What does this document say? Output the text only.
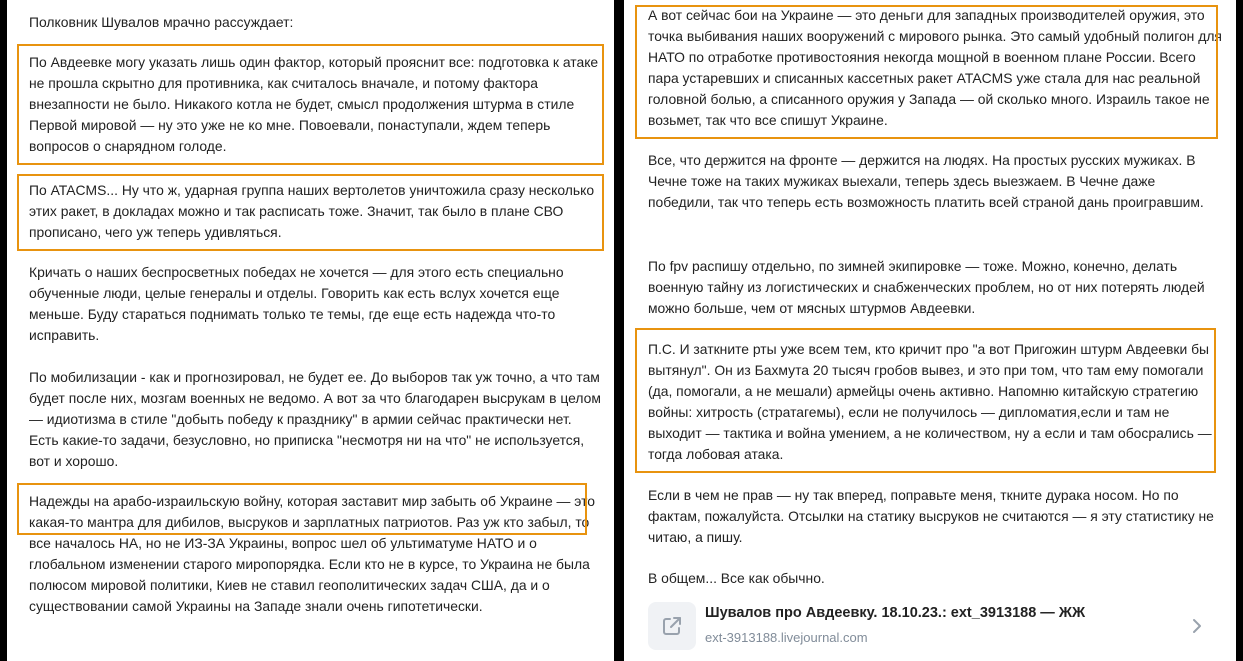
Полковник Шувалов мрачно рассуждает:

По Авдеевке могу указать лишь один фактор, который прояснит все: подготовка к атаке не прошла скрытно для противника, как считалось вначале, и потому фактора внезапности не было. Никакого котла не будет, смысл продолжения штурма в стиле Первой мировой — ну это уже не ко мне. Повоевали, понаступали, ждем теперь вопросов о снарядном голоде.

По ATACMS... Ну что ж, ударная группа наших вертолетов уничтожила сразу несколько этих ракет, в докладах можно и так расписать тоже. Значит, так было в плане СВО прописано, чего уж теперь удивляться.

Кричать о наших беспросветных победах не хочется — для этого есть специально обученные люди, целые генералы и отделы. Говорить как есть вслух хочется еще меньше. Буду стараться поднимать только те темы, где еще есть надежда что-то исправить.

По мобилизации - как и прогнозировал, не будет ее. До выборов так уж точно, а что там будет после них, мозгам военных не ведомо. А вот за что благодарен высрукам в целом — идиотизма в стиле "добыть победу к празднику" в армии сейчас практически нет. Есть какие-то задачи, безусловно, но приписка "несмотря ни на что" не используется, вот и хорошо.

Надежды на арабо-израильскую войну, которая заставит мир забыть об Украине — это какая-то мантра для дибилов, высруков и зарплатных патриотов. Раз уж кто забыл, то все началось НА, но не ИЗ-ЗА Украины, вопрос шел об ультиматуме НАТО и о глобальном изменении старого миропорядка. Если кто не в курсе, то Украина не была полюсом мировой политики, Киев не ставил геополитических задач США, да и о существовании самой Украины на Западе знали очень гипотетически.

А вот сейчас бои на Украине — это деньги для западных производителей оружия, это точка выбивания наших вооружений с мирового рынка. Это самый удобный полигон для НАТО по отработке противостояния некогда мощной в военном плане России. Всего пара устаревших и списанных кассетных ракет ATACMS уже стала для нас реальной головной болью, а списанного оружия у Запада — ой сколько много. Израиль такое не возьмет, так что все спишут Украине.

Все, что держится на фронте — держится на людях. На простых русских мужиках. В Чечне тоже на таких мужиках выехали, теперь здесь выезжаем. В Чечне даже победили, так что теперь есть возможность платить всей страной дань проигравшим.

По fpv распишу отдельно, по зимней экипировке — тоже. Можно, конечно, делать военную тайну из логистических и снабженческих проблем, но от них потерять людей можно больше, чем от мясных штурмов Авдеевки.

П.С. И заткните рты уже всем тем, кто кричит про "а вот Пригожин штурм Авдеевки бы вытянул". Он из Бахмута 20 тысяч гробов вывез, и это при том, что там ему помогали (да, помогали, а не мешали) армейцы очень активно. Напомню китайскую стратегию войны: хитрость (стратагемы), если не получилось — дипломатия,если и там не выходит — тактика и война умением, а не количеством, ну а если и там обосрались — тогда лобовая атака.

Если в чем не прав — ну так вперед, поправьте меня, ткните дурака носом. Но по фактам, пожалуйста. Отсылки на статику высруков не считаются — я эту статистику не читаю, а пишу.

В общем... Все как обычно.

Шувалов про Авдеевку. 18.10.23.: ext_3913188 — ЖЖ
ext-3913188.livejournal.com
